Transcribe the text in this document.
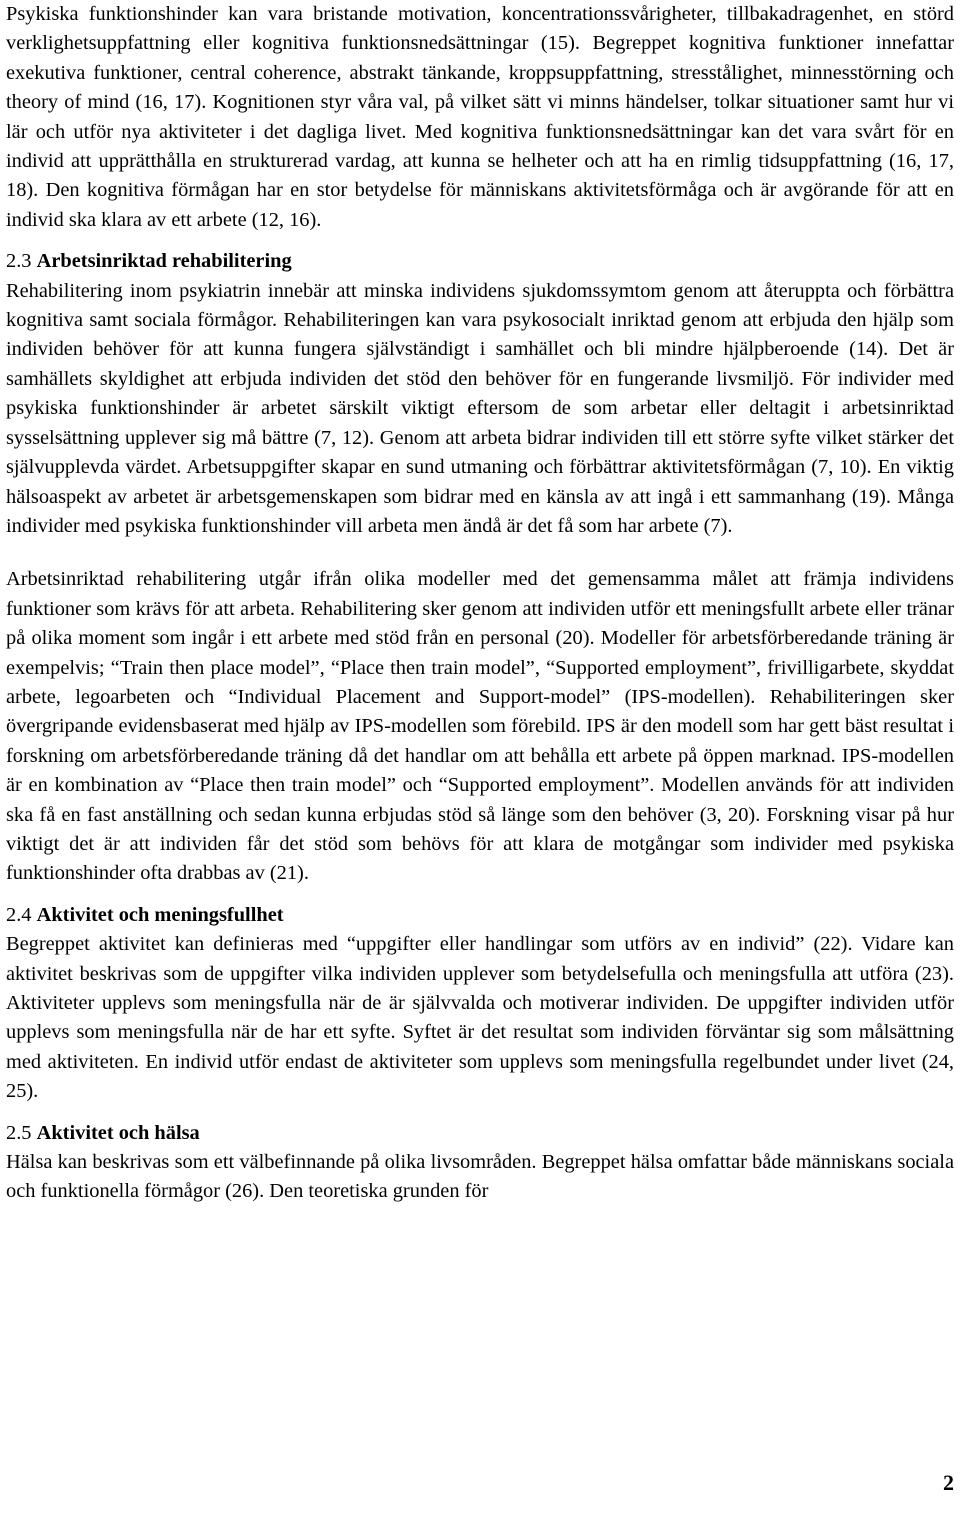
Psykiska funktionshinder kan vara bristande motivation, koncentrationssvårigheter, tillbakadragenhet, en störd verklighetsuppfattning eller kognitiva funktionsnedsättningar (15). Begreppet kognitiva funktioner innefattar exekutiva funktioner, central coherence, abstrakt tänkande, kroppsuppfattning, stresstålighet, minnesstörning och theory of mind (16, 17). Kognitionen styr våra val, på vilket sätt vi minns händelser, tolkar situationer samt hur vi lär och utför nya aktiviteter i det dagliga livet. Med kognitiva funktionsnedsättningar kan det vara svårt för en individ att upprätthålla en strukturerad vardag, att kunna se helheter och att ha en rimlig tidsuppfattning (16, 17, 18). Den kognitiva förmågan har en stor betydelse för människans aktivitetsförmåga och är avgörande för att en individ ska klara av ett arbete (12, 16).

2.3 Arbetsinriktad rehabilitering

Rehabilitering inom psykiatrin innebär att minska individens sjukdomssymtom genom att återuppta och förbättra kognitiva samt sociala förmågor. Rehabiliteringen kan vara psykosocialt inriktad genom att erbjuda den hjälp som individen behöver för att kunna fungera självständigt i samhället och bli mindre hjälpberoende (14). Det är samhällets skyldighet att erbjuda individen det stöd den behöver för en fungerande livsmiljö. För individer med psykiska funktionshinder är arbetet särskilt viktigt eftersom de som arbetar eller deltagit i arbetsinriktad sysselsättning upplever sig må bättre (7, 12). Genom att arbeta bidrar individen till ett större syfte vilket stärker det självupplevda värdet. Arbetsuppgifter skapar en sund utmaning och förbättrar aktivitetsförmågan (7, 10). En viktig hälsoaspekt av arbetet är arbetsgemenskapen som bidrar med en känsla av att ingå i ett sammanhang (19). Många individer med psykiska funktionshinder vill arbeta men ändå är det få som har arbete (7).

Arbetsinriktad rehabilitering utgår ifrån olika modeller med det gemensamma målet att främja individens funktioner som krävs för att arbeta. Rehabilitering sker genom att individen utför ett meningsfullt arbete eller tränar på olika moment som ingår i ett arbete med stöd från en personal (20). Modeller för arbetsförberedande träning är exempelvis; “Train then place model”, “Place then train model”, “Supported employment”, frivilligarbete, skyddat arbete, legoarbeten och “Individual Placement and Support-model” (IPS-modellen). Rehabiliteringen sker övergripande evidensbaserat med hjälp av IPS-modellen som förebild. IPS är den modell som har gett bäst resultat i forskning om arbetsförberedande träning då det handlar om att behålla ett arbete på öppen marknad. IPS-modellen är en kombination av “Place then train model” och “Supported employment”. Modellen används för att individen ska få en fast anställning och sedan kunna erbjudas stöd så länge som den behöver (3, 20). Forskning visar på hur viktigt det är att individen får det stöd som behövs för att klara de motgångar som individer med psykiska funktionshinder ofta drabbas av (21).

2.4 Aktivitet och meningsfullhet

Begreppet aktivitet kan definieras med “uppgifter eller handlingar som utförs av en individ” (22). Vidare kan aktivitet beskrivas som de uppgifter vilka individen upplever som betydelsefulla och meningsfulla att utföra (23). Aktiviteter upplevs som meningsfulla när de är självvalda och motiverar individen. De uppgifter individen utför upplevs som meningsfulla när de har ett syfte. Syftet är det resultat som individen förväntar sig som målsättning med aktiviteten. En individ utför endast de aktiviteter som upplevs som meningsfulla regelbundet under livet (24, 25).

2.5 Aktivitet och hälsa

Hälsa kan beskrivas som ett välbefinnande på olika livsområden. Begreppet hälsa omfattar både människans sociala och funktionella förmågor (26). Den teoretiska grunden för

2
